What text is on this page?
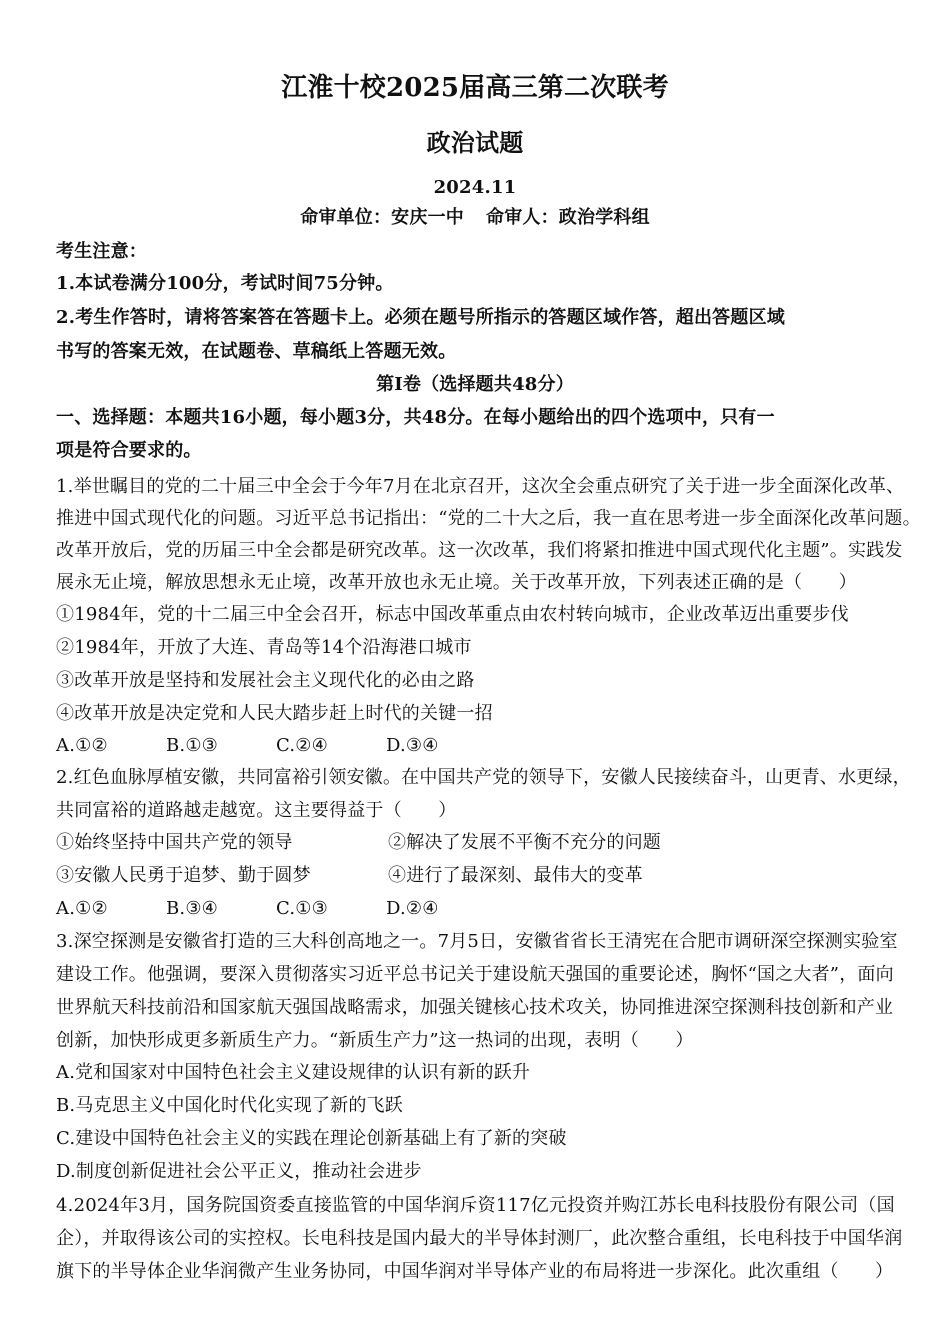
江淮十校2025届高三第二次联考
政治试题
2024.11
命审单位：安庆一中 命审人：政治学科组
考生注意：
1.本试卷满分100分，考试时间75分钟。
2.考生作答时，请将答案答在答题卡上。必须在题号所指示的答题区域作答，超出答题区域
书写的答案无效，在试题卷、草稿纸上答题无效。
第Ⅰ卷（选择题共48分）
一、选择题：本题共16小题，每小题3分，共48分。在每小题给出的四个选项中，只有一
项是符合要求的。
1.举世瞩目的党的二十届三中全会于今年7月在北京召开，这次全会重点研究了关于进一步全面深化改革、
推进中国式现代化的问题。习近平总书记指出：“党的二十大之后，我一直在思考进一步全面深化改革问题。
改革开放后，党的历届三中全会都是研究改革。这一次改革，我们将紧扣推进中国式现代化主题”。实践发
展永无止境，解放思想永无止境，改革开放也永无止境。关于改革开放，下列表述正确的是（　　）
①1984年，党的十二届三中全会召开，标志中国改革重点由农村转向城市，企业改革迈出重要步伐
②1984年，开放了大连、青岛等14个沿海港口城市
③改革开放是坚持和发展社会主义现代化的必由之路
④改革开放是决定党和人民大踏步赶上时代的关键一招
A.①②	B.①③	C.②④	D.③④
2.红色血脉厚植安徽，共同富裕引领安徽。在中国共产党的领导下，安徽人民接续奋斗，山更青、水更绿，
共同富裕的道路越走越宽。这主要得益于（　　）
①始终坚持中国共产党的领导	②解决了发展不平衡不充分的问题
③安徽人民勇于追梦、勤于圆梦	④进行了最深刻、最伟大的变革
A.①②	B.③④	C.①③	D.②④
3.深空探测是安徽省打造的三大科创高地之一。7月5日，安徽省省长王清宪在合肥市调研深空探测实验室
建设工作。他强调，要深入贯彻落实习近平总书记关于建设航天强国的重要论述，胸怀“国之大者”，面向
世界航天科技前沿和国家航天强国战略需求，加强关键核心技术攻关，协同推进深空探测科技创新和产业
创新，加快形成更多新质生产力。“新质生产力”这一热词的出现，表明（　　）
A.党和国家对中国特色社会主义建设规律的认识有新的跃升
B.马克思主义中国化时代化实现了新的飞跃
C.建设中国特色社会主义的实践在理论创新基础上有了新的突破
D.制度创新促进社会公平正义，推动社会进步
4.2024年3月，国务院国资委直接监管的中国华润斥资117亿元投资并购江苏长电科技股份有限公司（国
企），并取得该公司的实控权。长电科技是国内最大的半导体封测厂，此次整合重组，长电科技于中国华润
旗下的半导体企业华润微产生业务协同，中国华润对半导体产业的布局将进一步深化。此次重组（　　）
